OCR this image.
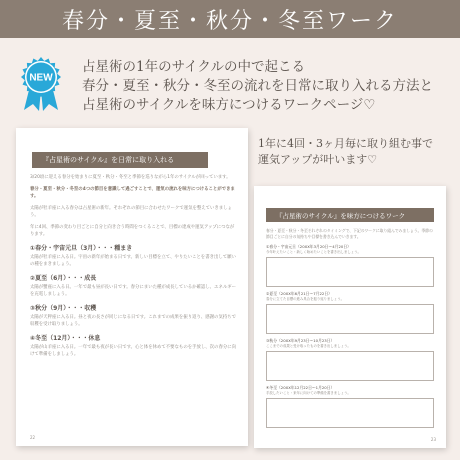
春分・夏至・秋分・冬至ワーク
NEW

占星術の1年のサイクルの中で起こる

春分・夏至・秋分・冬至の流れを日常に取り入れる方法と

占星術のサイクルを味方につけるワークページ♡

1年に4回・3ヶ月毎に取り組む事で

運気アップが叶います♡

『占星術のサイクル』を日常に取り入れる

3/20頃に迎える春分を始まりに夏至・秋分・冬至と季節を巡りながら1年のサイクルが回っています。

春分・夏至・秋分・冬至の4つの節目を意識して過ごすことで、運気の流れを味方につけることができます。

太陽が牡羊座に入る春分は占星術の新年。それぞれの節目に合わせたワークで運気を整えていきましょう。

年に4回、季節の変わり目ごとに自分と向き合う時間をつくることで、目標の達成や運気アップにつながります。

①春分・宇宙元旦（3月）・・・種まき

太陽が牡羊座に入る日。宇宙の新年が始まる日です。新しい目標を立て、やりたいことを書き出して願いの種をまきましょう。

②夏至（6月）・・・成長

太陽が蟹座に入る日。一年で最も昼が長い日です。春分にまいた種が成長しているか確認し、エネルギーを充電しましょう。

③秋分（9月）・・・収穫

太陽が天秤座に入る日。昼と夜の長さが同じになる日です。これまでの成果を振り返り、感謝の気持ちで収穫を受け取りましょう。

④冬至（12月）・・・休息

太陽が山羊座に入る日。一年で最も夜が長い日です。心と体を休めて不要なものを手放し、次の春分に向けて準備をしましょう。

22
『占星術のサイクル』を味方につけるワーク

春分・夏至・秋分・冬至それぞれのタイミングで、下記のワークに取り組んでみましょう。季節の節目ごとに自分の気持ちや目標を書き込んでいきます。

①春分・宇宙元旦（20XX年3月20日〜4月20日）

今年叶えたいこと・新しく始めたいことを書き出しましょう。

②夏至（20XX年6月21日〜7月22日）

春分に立てた目標の進み具合を振り返りましょう。

③秋分（20XX年9月23日〜10月23日）

ここまでの成果と受け取ったものを書き出しましょう。

④冬至（20XX年12月22日〜1月20日）

手放したいこと・来年に向けての準備を書きましょう。

23
